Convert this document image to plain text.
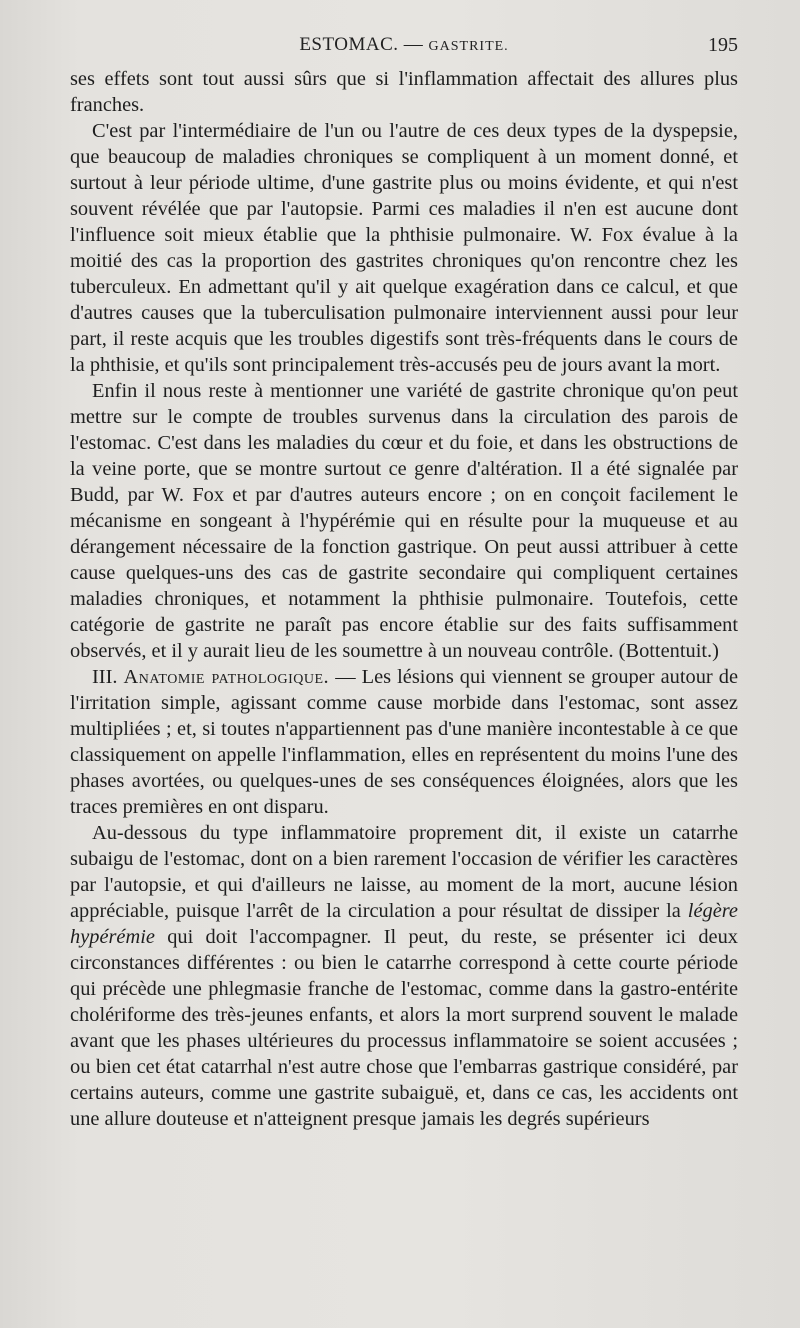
ESTOMAC. — GASTRITE.	195

ses effets sont tout aussi sûrs que si l'inflammation affectait des allures plus franches.

C'est par l'intermédiaire de l'un ou l'autre de ces deux types de la dyspepsie, que beaucoup de maladies chroniques se compliquent à un moment donné, et surtout à leur période ultime, d'une gastrite plus ou moins évidente, et qui n'est souvent révélée que par l'autopsie. Parmi ces maladies il n'en est aucune dont l'influence soit mieux établie que la phthisie pulmonaire. W. Fox évalue à la moitié des cas la proportion des gastrites chroniques qu'on rencontre chez les tuberculeux. En admettant qu'il y ait quelque exagération dans ce calcul, et que d'autres causes que la tuberculisation pulmonaire interviennent aussi pour leur part, il reste acquis que les troubles digestifs sont très-fréquents dans le cours de la phthisie, et qu'ils sont principalement très-accusés peu de jours avant la mort.

Enfin il nous reste à mentionner une variété de gastrite chronique qu'on peut mettre sur le compte de troubles survenus dans la circulation des parois de l'estomac. C'est dans les maladies du cœur et du foie, et dans les obstructions de la veine porte, que se montre surtout ce genre d'altération. Il a été signalée par Budd, par W. Fox et par d'autres auteurs encore ; on en conçoit facilement le mécanisme en songeant à l'hypérémie qui en résulte pour la muqueuse et au dérangement nécessaire de la fonction gastrique. On peut aussi attribuer à cette cause quelques-uns des cas de gastrite secondaire qui compliquent certaines maladies chroniques, et notamment la phthisie pulmonaire. Toutefois, cette catégorie de gastrite ne paraît pas encore établie sur des faits suffisamment observés, et il y aurait lieu de les soumettre à un nouveau contrôle. (Bottentuit.)

III. Anatomie pathologique. — Les lésions qui viennent se grouper autour de l'irritation simple, agissant comme cause morbide dans l'estomac, sont assez multipliées ; et, si toutes n'appartiennent pas d'une manière incontestable à ce que classiquement on appelle l'inflammation, elles en représentent du moins l'une des phases avortées, ou quelques-unes de ses conséquences éloignées, alors que les traces premières en ont disparu.

Au-dessous du type inflammatoire proprement dit, il existe un catarrhe subaigu de l'estomac, dont on a bien rarement l'occasion de vérifier les caractères par l'autopsie, et qui d'ailleurs ne laisse, au moment de la mort, aucune lésion appréciable, puisque l'arrêt de la circulation a pour résultat de dissiper la légère hypérémie qui doit l'accompagner. Il peut, du reste, se présenter ici deux circonstances différentes : ou bien le catarrhe correspond à cette courte période qui précède une phlegmasie franche de l'estomac, comme dans la gastro-entérite cholériforme des très-jeunes enfants, et alors la mort surprend souvent le malade avant que les phases ultérieures du processus inflammatoire se soient accusées ; ou bien cet état catarrhal n'est autre chose que l'embarras gastrique considéré, par certains auteurs, comme une gastrite subaiguë, et, dans ce cas, les accidents ont une allure douteuse et n'atteignent presque jamais les degrés supérieurs
